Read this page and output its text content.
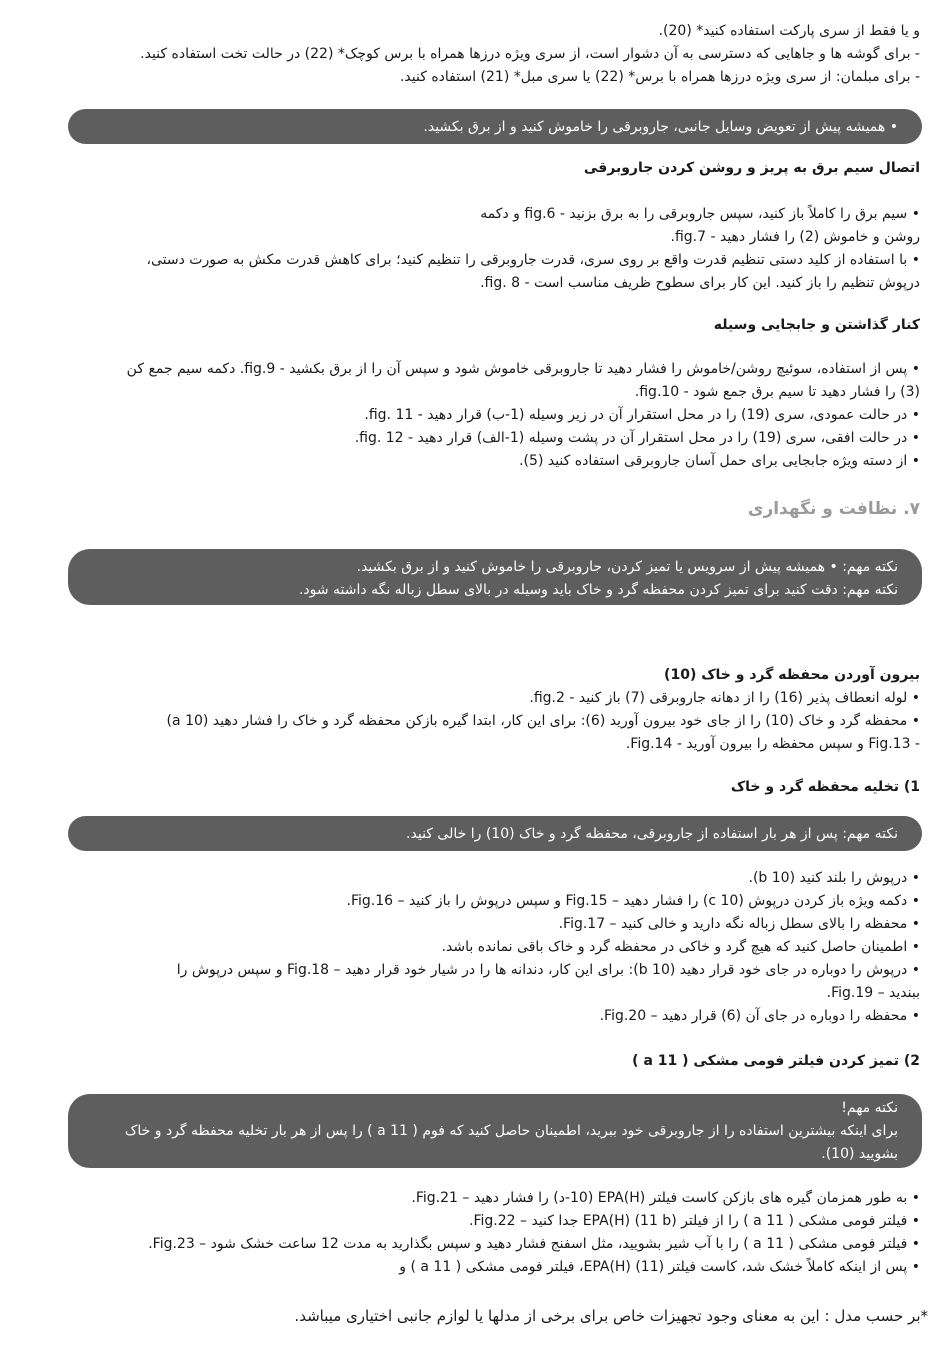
و یا فقط از سری پارکت استفاده کنید* (20).

- برای گوشه ها و جاهایی که دسترسی به آن دشوار است، از سری ویژه درزها همراه با برس کوچک* (22) در حالت تخت استفاده کنید.

- برای مبلمان: از سری ویژه درزها همراه با برس* (22) یا سری مبل* (21) استفاده کنید.

• همیشه پیش از تعویض وسایل جانبی، جاروبرقی را خاموش کنید و از برق بکشید.

اتصال سیم برق به پریز و روشن کردن جاروبرقی

• سیم برق را کاملاً باز کنید، سپس جاروبرقی را به برق بزنید - fig.6 و دکمه

روشن و خاموش (2) را فشار دهید - fig.7.

• با استفاده از کلید دستی تنظیم قدرت واقع بر روی سری، قدرت جاروبرقی را تنظیم کنید؛ برای کاهش قدرت مکش به صورت دستی،

درپوش تنظیم را باز کنید. این کار برای سطوح ظریف مناسب است - fig. 8.

کنار گذاشتن و جابجایی وسیله

• پس از استفاده، سوئیچ روشن/خاموش را فشار دهید تا جاروبرقی خاموش شود و سپس آن را از برق بکشید - fig.9. دکمه سیم جمع کن

(3) را فشار دهید تا سیم برق جمع شود - fig.10.

• در حالت عمودی، سری (19) را در محل استقرار آن در زیر وسیله (1-ب) قرار دهید - fig. 11.

• در حالت افقی، سری (19) را در محل استقرار آن در پشت وسیله (1-الف) قرار دهید - fig. 12.

• از دسته ویژه جابجایی برای حمل آسان جاروبرقی استفاده کنید (5).

۷. نظافت و نگهداری

نکته مهم: • همیشه پیش از سرویس یا تمیز کردن، جاروبرقی را خاموش کنید و از برق بکشید.

نکته مهم: دقت کنید برای تمیز کردن محفظه گرد و خاک باید وسیله در بالای سطل زباله نگه داشته شود.

بیرون آوردن محفظه گرد و خاک (10)

• لوله انعطاف پذیر (16) را از دهانه جاروبرقی (7) باز کنید - fig.2.

• محفظه گرد و خاک (10) را از جای خود بیرون آورید (6): برای این کار، ابتدا گیره بازکن محفظه گرد و خاک را فشار دهید (10 a)

- Fig.13 و سپس محفظه را بیرون آورید - Fig.14.

1) تخلیه محفظه گرد و خاک

نکته مهم: پس از هر بار استفاده از جاروبرقی، محفظه گرد و خاک (10) را خالی کنید.

• درپوش را بلند کنید (10 b).

• دکمه ویژه باز کردن درپوش (10 c) را فشار دهید – Fig.15 و سپس درپوش را باز کنید – Fig.16.

• محفظه را بالای سطل زباله نگه دارید و خالی کنید – Fig.17.

• اطمینان حاصل کنید که هیچ گرد و خاکی در محفظه گرد و خاک باقی نمانده باشد.

• درپوش را دوباره در جای خود قرار دهید (10 b): برای این کار، دندانه ها را در شیار خود قرار دهید – Fig.18 و سپس درپوش را

ببندید – Fig.19.

• محفظه را دوباره در جای آن (6) قرار دهید – Fig.20.

2) تمیز کردن فیلتر فومی مشکی ( 11 a )

نکته مهم!

برای اینکه بیشترین استفاده را از جاروبرقی خود ببرید، اطمینان حاصل کنید که فوم ( 11 a ) را پس از هر بار تخلیه محفظه گرد و خاک

بشویید (10).

• به طور همزمان گیره های بازکن کاست فیلتر EPA(H) (10-د) را فشار دهید – Fig.21.

• فیلتر فومی مشکی ( 11 a ) را از فیلتر EPA(H) (11 b) جدا کنید – Fig.22.

• فیلتر فومی مشکی ( 11 a ) را با آب شیر بشویید، مثل اسفنج فشار دهید و سپس بگذارید به مدت 12 ساعت خشک شود – Fig.23.

• پس از اینکه کاملاً خشک شد، کاست فیلتر EPA(H) (11)، فیلتر فومی مشکی ( 11 a ) و

*بر حسب مدل : این به معنای وجود تجهیزات خاص برای برخی از مدلها یا لوازم جانبی اختیاری میباشد.
